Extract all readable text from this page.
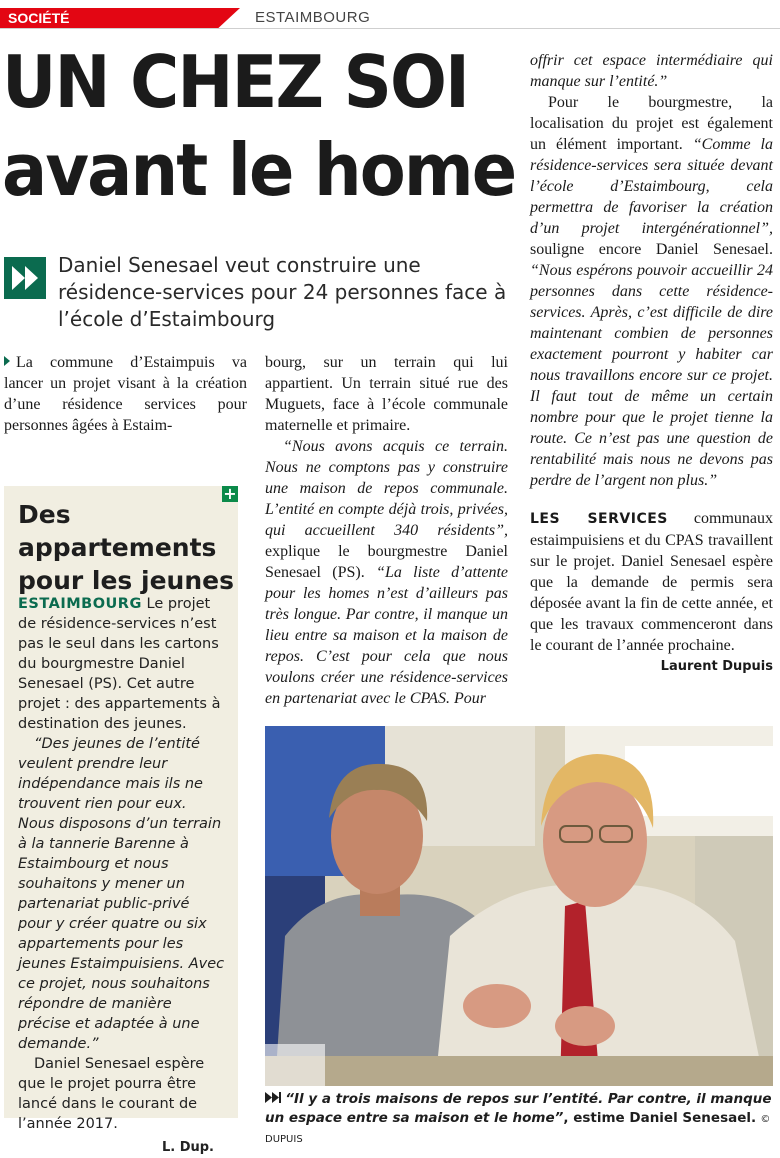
SOCIÉTÉ	ESTAIMBOURG
UN CHEZ SOI
avant le home

Daniel Senesael veut construire une résidence-services pour 24 personnes face à l’école d’Estaimbourg

La commune d’Estaimpuis va lancer un projet visant à la création d’une résidence services pour personnes âgées à Estaim-

bourg, sur un terrain qui lui appartient. Un terrain situé rue des Muguets, face à l’école communale maternelle et primaire.

“Nous avons acquis ce terrain. Nous ne comptons pas y construire une maison de repos communale. L’entité en compte déjà trois, privées, qui accueillent 340 résidents”, explique le bourgmestre Daniel Senesael (PS). “La liste d’attente pour les homes n’est d’ailleurs pas très longue. Par contre, il manque un lieu entre sa maison et la maison de repos. C’est pour cela que nous voulons créer une résidence-services en partenariat avec le CPAS. Pour

offrir cet espace intermédiaire qui manque sur l’entité.”

Pour le bourgmestre, la localisation du projet est également un élément important. “Comme la résidence-services sera située devant l’école d’Estaimbourg, cela permettra de favoriser la création d’un projet intergénérationnel”, souligne encore Daniel Senesael. “Nous espérons pouvoir accueillir 24 personnes dans cette résidence-services. Après, c’est difficile de dire maintenant combien de personnes exactement pourront y habiter car nous travaillons encore sur ce projet. Il faut tout de même un certain nombre pour que le projet tienne la route. Ce n’est pas une question de rentabilité mais nous ne devons pas perdre de l’argent non plus.”

LES SERVICES communaux estaimpuisiens et du CPAS travaillent sur le projet. Daniel Senesael espère que la demande de permis sera déposée avant la fin de cette année, et que les travaux commenceront dans le courant de l’année prochaine.

Laurent Dupuis
+
Des appartements pour les jeunes

ESTAIMBOURG Le projet de résidence-services n’est pas le seul dans les cartons du bourgmestre Daniel Senesael (PS). Cet autre projet : des appartements à destination des jeunes.

“Des jeunes de l’entité veulent prendre leur indépendance mais ils ne trouvent rien pour eux. Nous disposons d’un terrain à la tannerie Barenne à Estaimbourg et nous souhaitons y mener un partenariat public-privé pour y créer quatre ou six appartements pour les jeunes Estaimpuisiens. Avec ce projet, nous souhaitons répondre de manière précise et adaptée à une demande.”

Daniel Senesael espère que le projet pourra être lancé dans le courant de l’année 2017.

L. Dup.
“Il y a trois maisons de repos sur l’entité. Par contre, il manque un espace entre sa maison et le home”, estime Daniel Senesael. © DUPUIS
